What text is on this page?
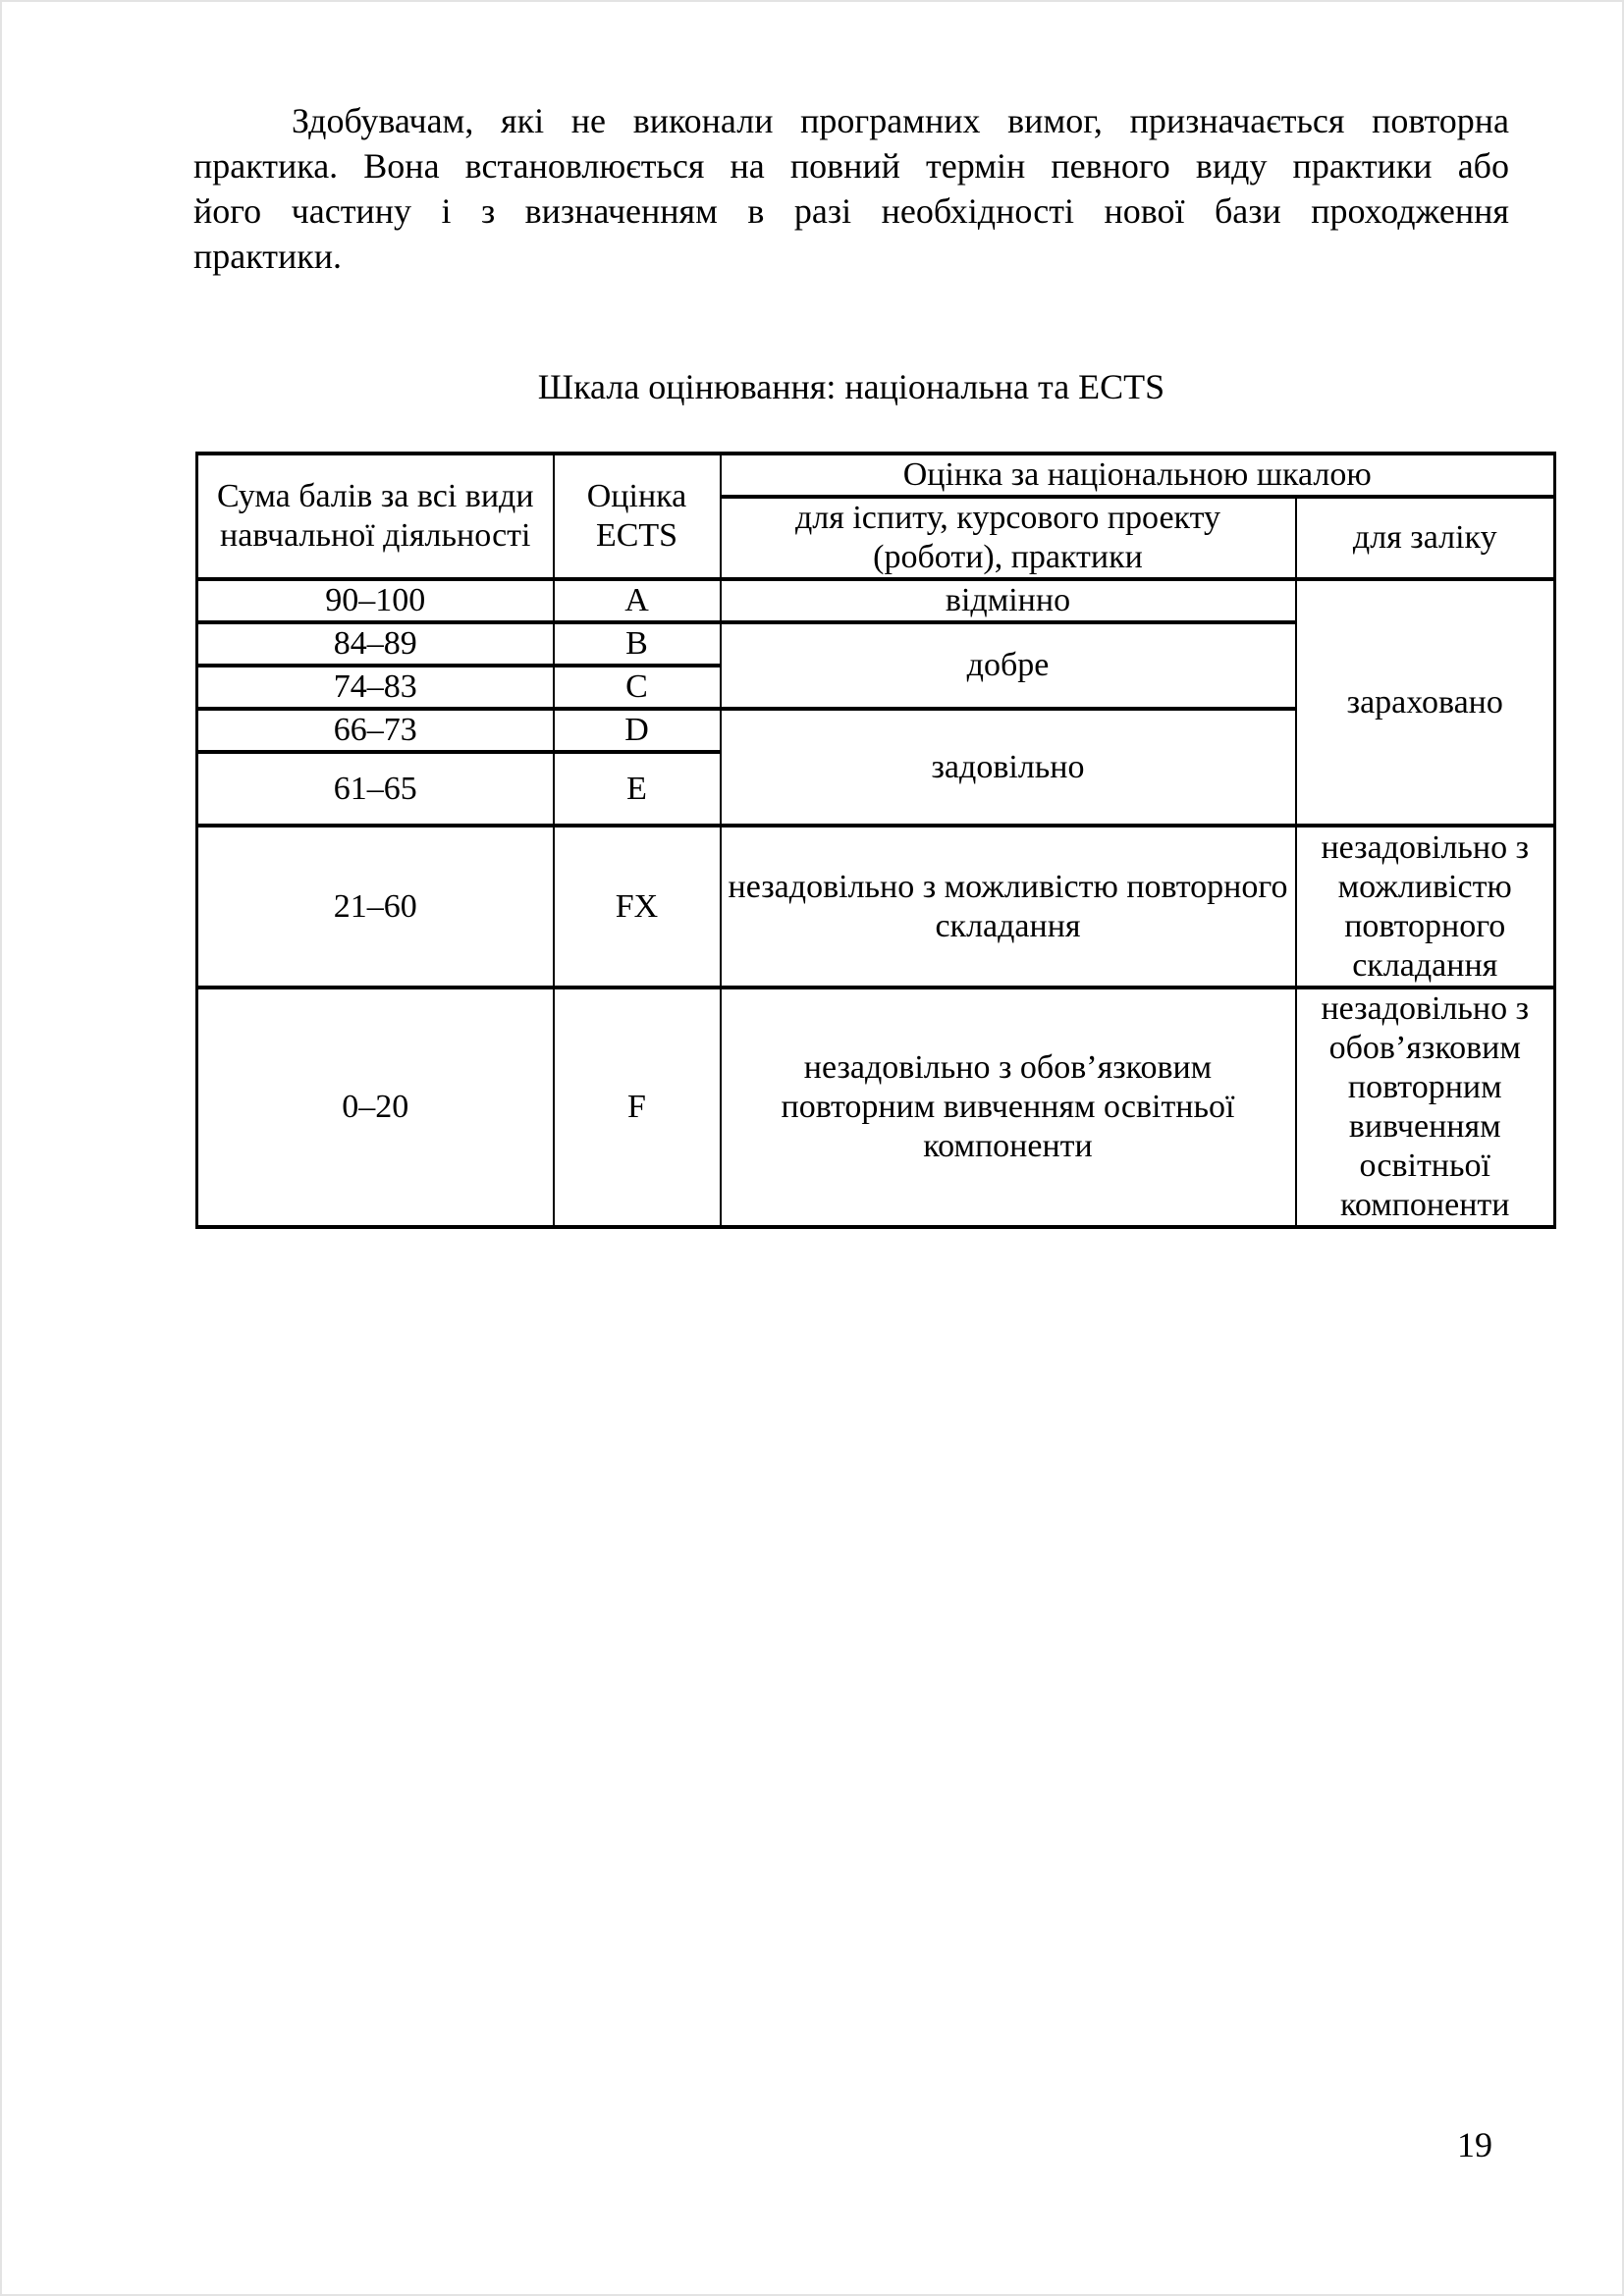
Здобувачам, які не виконали програмних вимог, призначається повторна
практика. Вона встановлюється на повний термін певного виду практики або
його частину і з визначенням в разі необхідності нової бази проходження
практики.
Шкала оцінювання: національна та ECTS
Сума балів за всі види навчальної діяльності	Оцінка ECTS	Оцінка за національною шкалою	
		для іспиту, курсового проекту (роботи), практики	для заліку
90–100	A	відмінно	зараховано
84–89	B	добре	
74–83	C		
66–73	D	задовільно	
61–65	E		
21–60	FX	незадовільно з можливістю повторного складання	незадовільно з можливістю повторного складання
0–20	F	незадовільно з обов’язковим повторним вивченням освітньої компоненти	незадовільно з обов’язковим повторним вивченням освітньої компоненти
19
